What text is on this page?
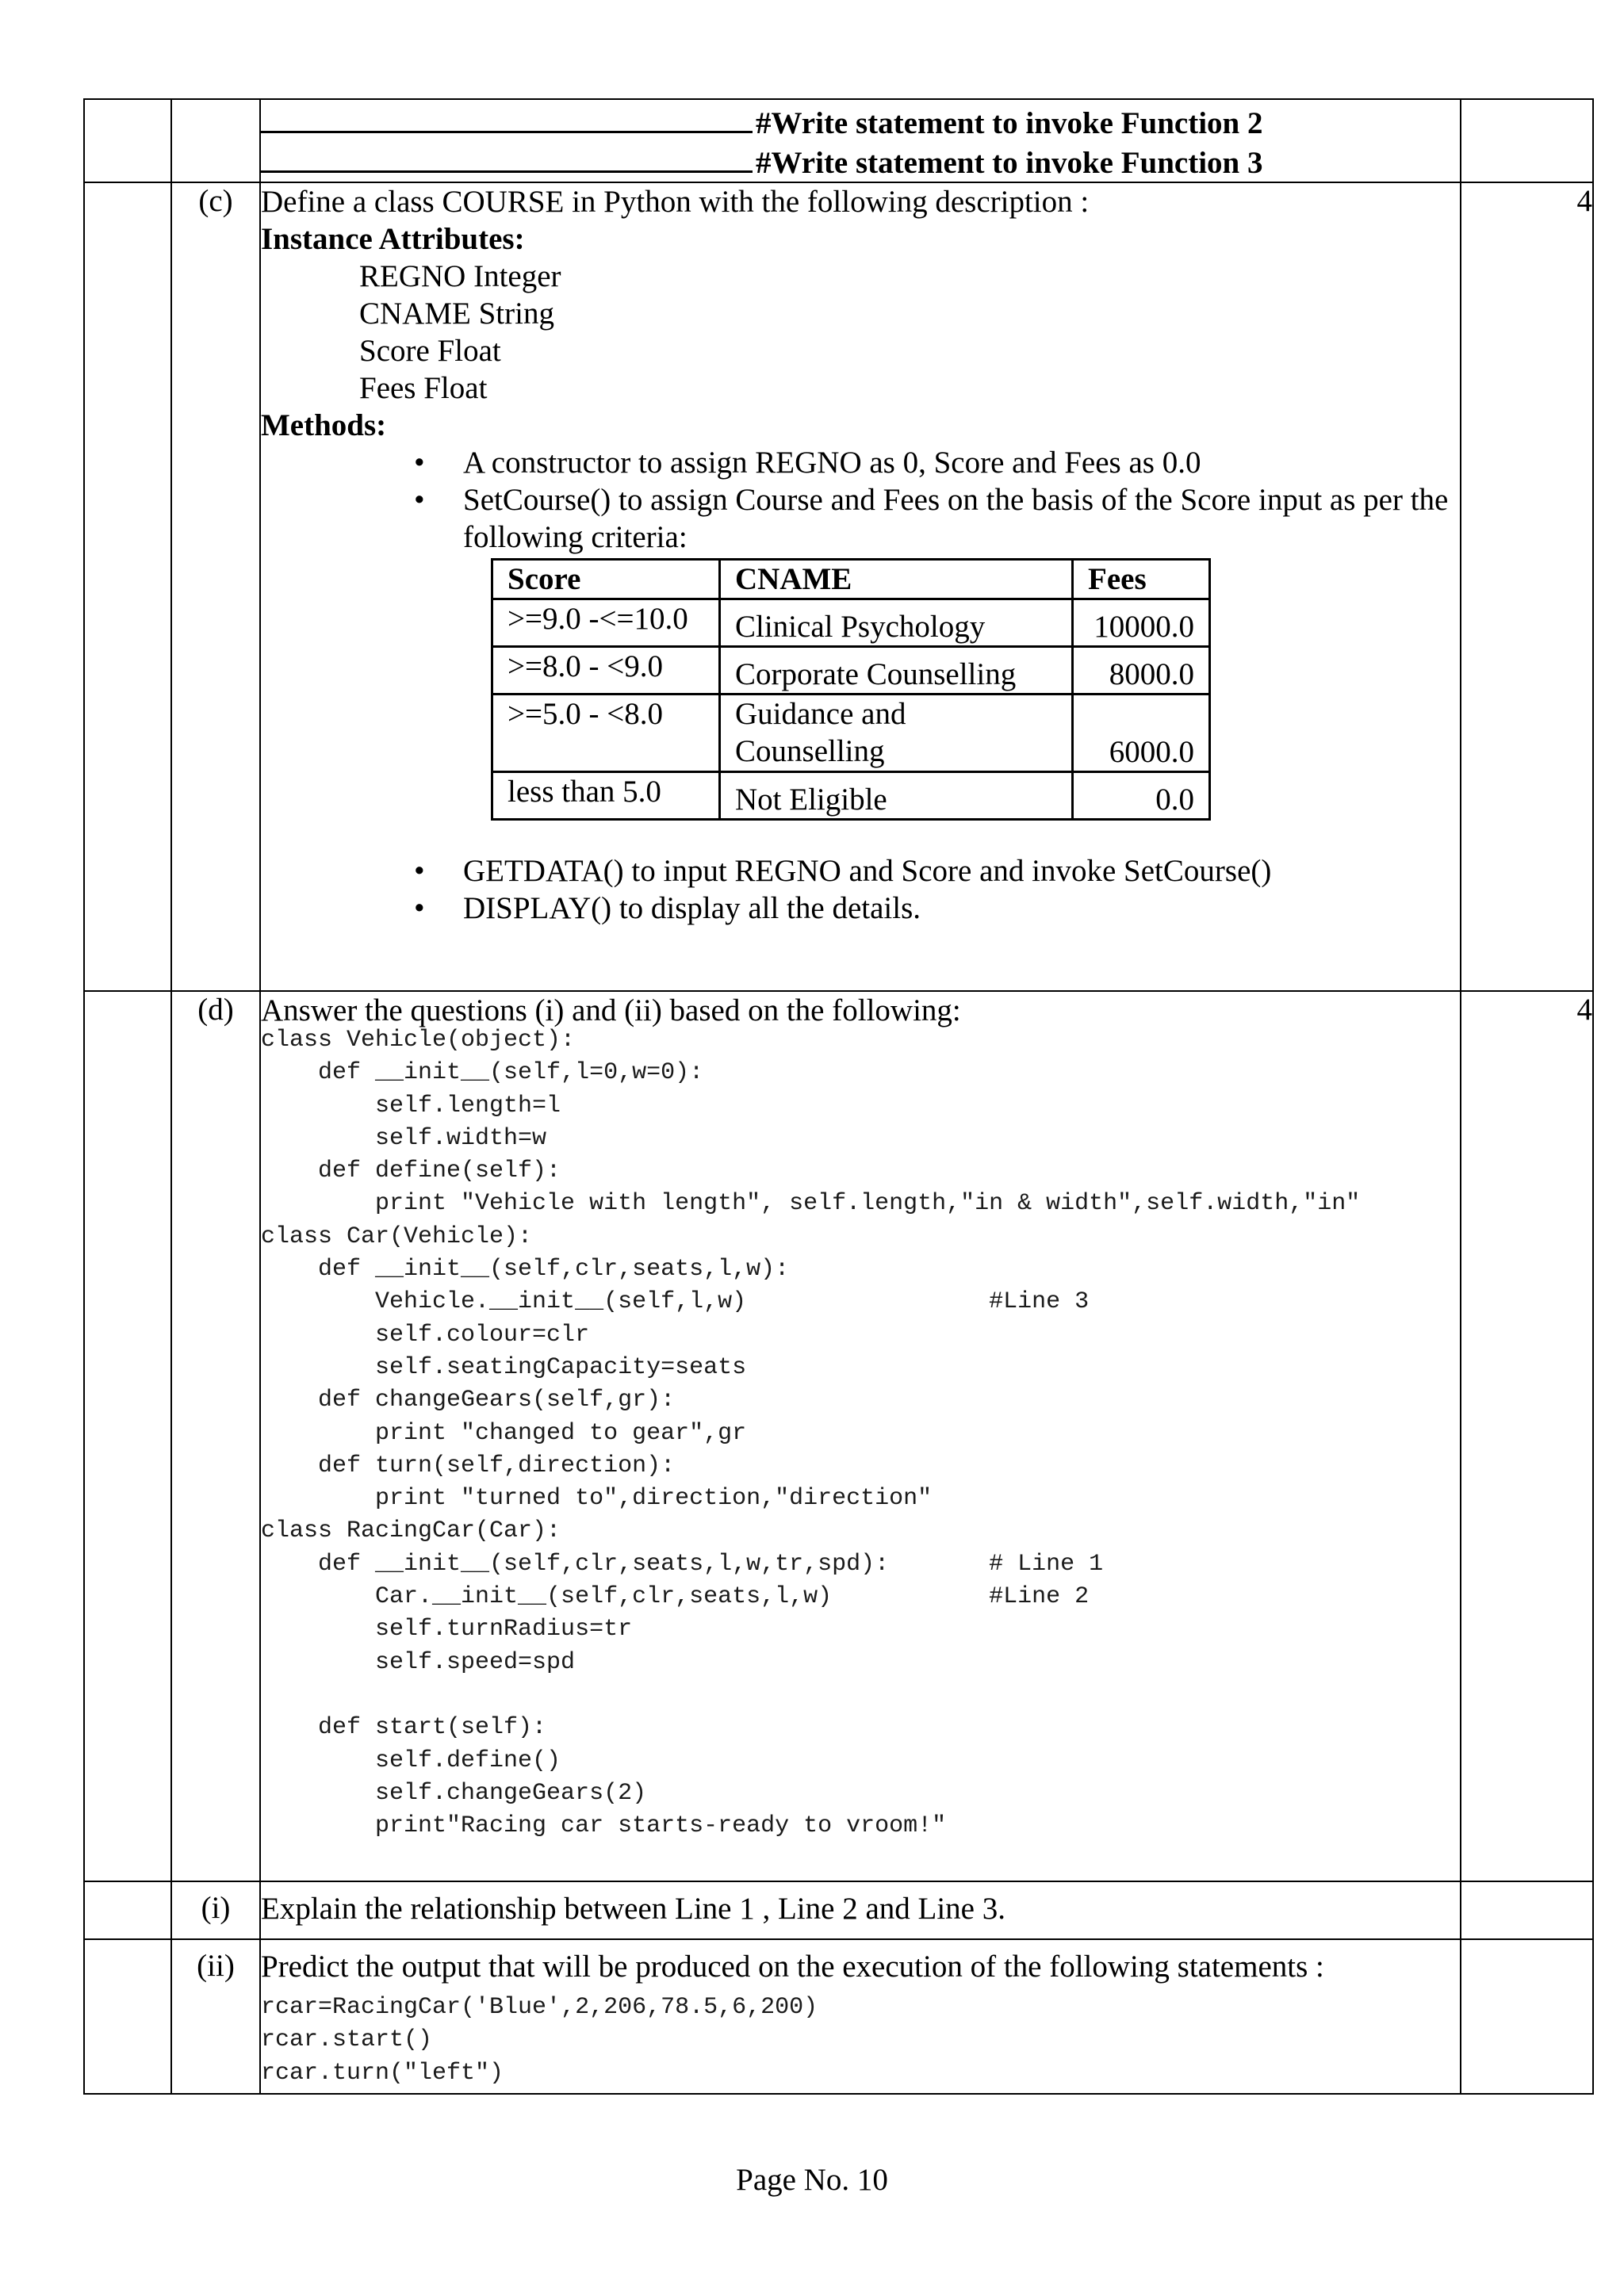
#Write statement to invoke Function 2
#Write statement to invoke Function 3

	(c)	Define a class COURSE in Python with the following description :
Instance Attributes:
REGNO Integer
CNAME String
Score Float
Fees Float
Methods:
• A constructor to assign REGNO as 0, Score and Fees as 0.0
• SetCourse() to assign Course and Fees on the basis of the Score input as per the following criteria:
Score	CNAME	Fees
>=9.0 -<=10.0	Clinical Psychology	10000.0
>=8.0 - <9.0	Corporate Counselling	8000.0
>=5.0 - <8.0	Guidance and Counselling	6000.0
less than 5.0	Not Eligible	0.0
• GETDATA() to input REGNO and Score and invoke SetCourse()
• DISPLAY() to display all the details.
	4
	(d)	Answer the questions (i) and (ii) based on the following:
class Vehicle(object):
def __init__(self,l=0,w=0):
self.length=l
self.width=w
def define(self):
print "Vehicle with length", self.length,"in & width",self.width,"in"
class Car(Vehicle):
def __init__(self,clr,seats,l,w):
Vehicle.__init__(self,l,w)                 #Line 3
self.colour=clr
self.seatingCapacity=seats
def changeGears(self,gr):
print "changed to gear",gr
def turn(self,direction):
print "turned to",direction,"direction"
class RacingCar(Car):
def __init__(self,clr,seats,l,w,tr,spd):       # Line 1
Car.__init__(self,clr,seats,l,w)           #Line 2
self.turnRadius=tr
self.speed=spd

def start(self):
self.define()
self.changeGears(2)
print"Racing car starts-ready to vroom!"
	4
	(i)	Explain the relationship between Line 1 , Line 2 and Line 3.

	(ii)	Predict the output that will be produced on the execution of the following statements :
rcar=RacingCar('Blue',2,206,78.5,6,200)
rcar.start()
rcar.turn("left")

Page No. 10
